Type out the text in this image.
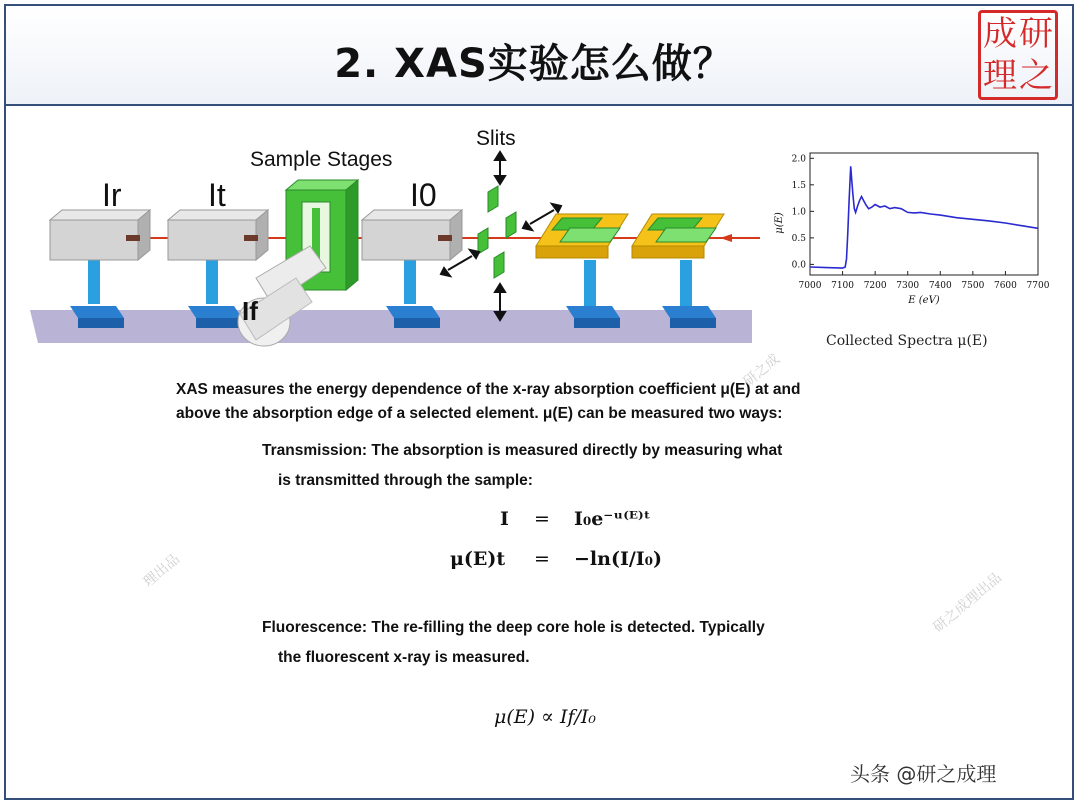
2. XAS实验怎么做？
成 研
理 之
Ir	It	I0
If
Sample Stages
Slits
7000 7100 7200 7300 7400 7500 7600 7700
0.0
0.5
1.0
1.5
2.0
μ(E)
E (eV)
Collected Spectra μ(E)
XAS measures the energy dependence of the x-ray absorption coefficient μ(E) at and
above the absorption edge of a selected element. μ(E) can be measured two ways:
Transmission: The absorption is measured directly by measuring what
is transmitted through the sample:
I = I₀e⁻ᵘ⁽ᴱ⁾ᵗ
μ(E)t = −ln(I/I₀)
Fluorescence: The re-filling the deep core hole is detected. Typically
the fluorescent x-ray is measured.
μ(E) ∝ If/I₀
研之成
研之成理出品
理出品
头条 @研之成理
